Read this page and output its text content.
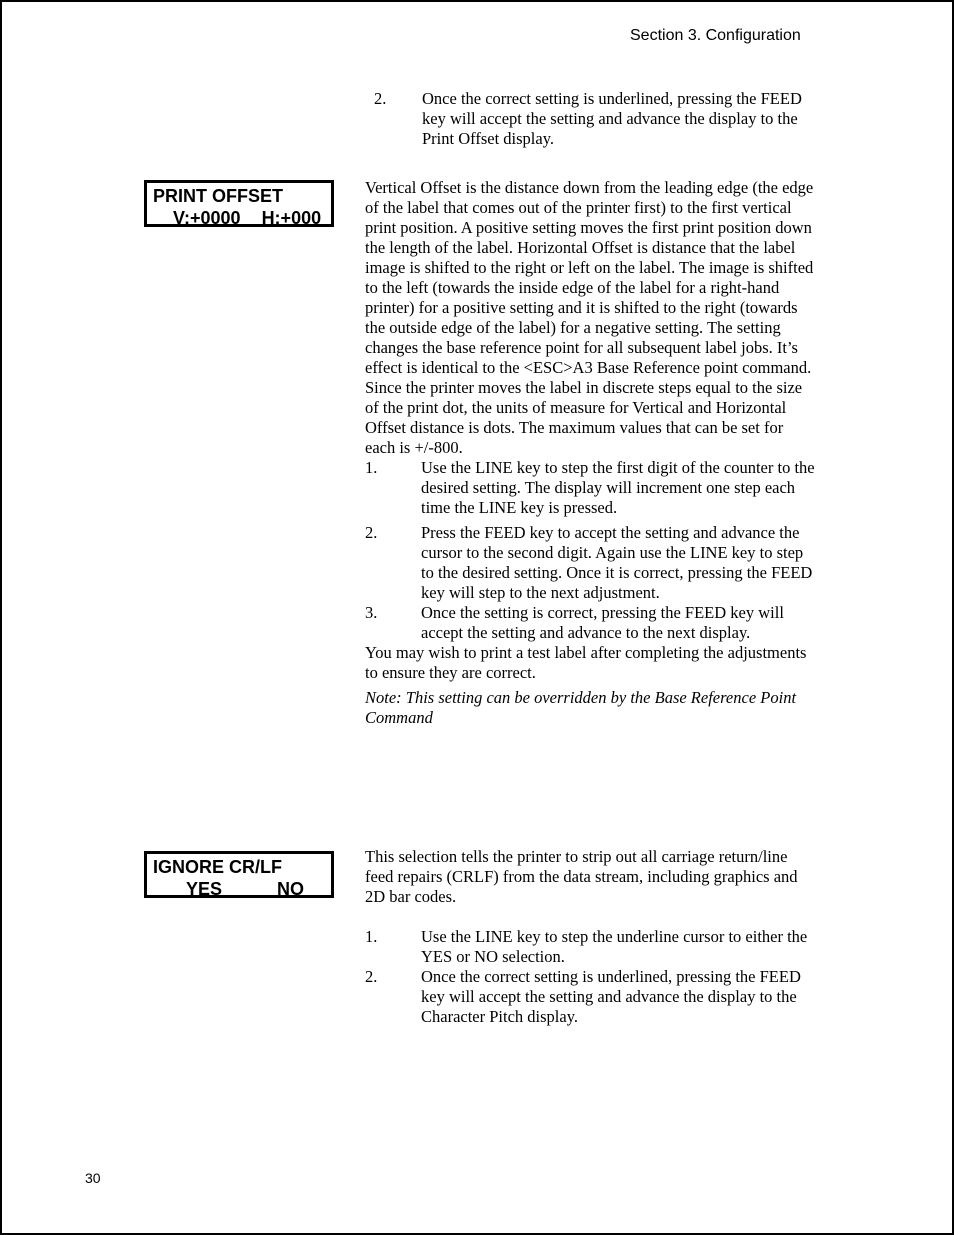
Section 3. Configuration
2. Once the correct setting is underlined, pressing the FEED key will accept the setting and advance the display to the Print Offset display.
PRINT OFFSET
V:+0000 H:+000

Vertical Offset is the distance down from the leading edge (the edge of the label that comes out of the printer first) to the first vertical print position. A positive setting moves the first print position down the length of the label. Horizontal Offset is distance that the label image is shifted to the right or left on the label. The image is shifted to the left (towards the inside edge of the label for a right-hand printer) for a positive setting and it is shifted to the right (towards the outside edge of the label) for a negative setting. The setting changes the base reference point for all subsequent label jobs. It’s effect is identical to the <ESC>A3 Base Reference point command. Since the printer moves the label in discrete steps equal to the size of the print dot, the units of measure for Vertical and Horizontal Offset distance is dots. The maximum values that can be set for each is +/-800.

1.	Use the LINE key to step the first digit of the counter to the desired setting. The display will increment one step each time the LINE key is pressed.
2.	Press the FEED key to accept the setting and advance the cursor to the second digit. Again use the LINE key to step to the desired setting. Once it is correct, pressing the FEED key will step to the next adjustment.
3.	Once the setting is correct, pressing the FEED key will accept the setting and advance to the next display.

You may wish to print a test label after completing the adjustments to ensure they are correct.

Note: This setting can be overridden by the Base Reference Point Command

IGNORE CR/LF
YES	NO

This selection tells the printer to strip out all carriage return/line feed repairs (CRLF) from the data stream, including graphics and 2D bar codes.

1.	Use the LINE key to step the underline cursor to either the YES or NO selection.
2.	Once the correct setting is underlined, pressing the FEED key will accept the setting and advance the display to the Character Pitch display.
30
